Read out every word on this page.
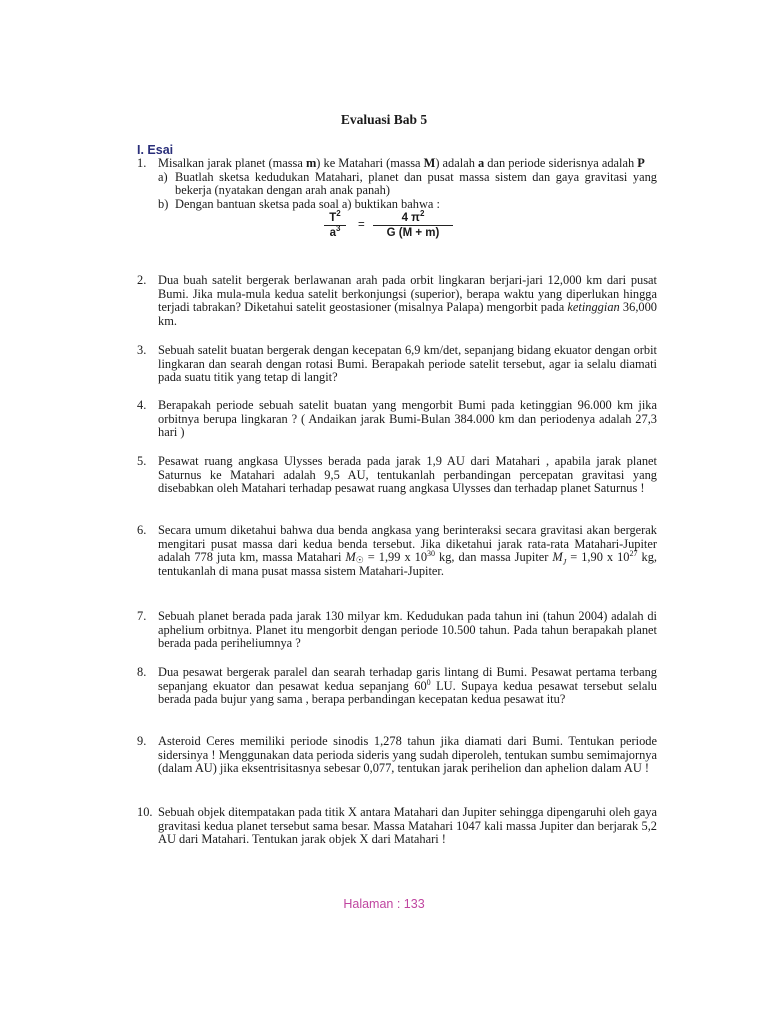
Evaluasi Bab 5
I. Esai
1. Misalkan jarak planet (massa m) ke Matahari (massa M) adalah a dan periode siderisnya adalah P

a) Buatlah sketsa kedudukan Matahari, planet dan pusat massa sistem dan gaya gravitasi yang bekerja (nyatakan dengan arah anak panah)
b) Dengan bantuan sketsa pada soal a) buktikan bahwa :
$\frac{T^2}{a^3} = \frac{4 \pi^2}{G (M + m)}$
2. Dua buah satelit bergerak berlawanan arah pada orbit lingkaran berjari-jari 12,000 km dari pusat Bumi. Jika mula-mula kedua satelit berkonjungsi (superior), berapa waktu yang diperlukan hingga terjadi tabrakan? Diketahui satelit geostasioner (misalnya Palapa) mengorbit pada ketinggian 36,000 km.

3. Sebuah satelit buatan bergerak dengan kecepatan 6,9 km/det, sepanjang bidang ekuator dengan orbit lingkaran dan searah dengan rotasi Bumi. Berapakah periode satelit tersebut, agar ia selalu diamati pada suatu titik yang tetap di langit?

4. Berapakah periode sebuah satelit buatan yang mengorbit Bumi pada ketinggian 96.000 km jika orbitnya berupa lingkaran ? ( Andaikan jarak Bumi-Bulan 384.000 km dan periodenya adalah 27,3 hari )

5. Pesawat ruang angkasa Ulysses berada pada jarak 1,9 AU dari Matahari , apabila jarak planet Saturnus ke Matahari adalah 9,5 AU, tentukanlah perbandingan percepatan gravitasi yang disebabkan oleh Matahari terhadap pesawat ruang angkasa Ulysses dan terhadap planet Saturnus !

6. Secara umum diketahui bahwa dua benda angkasa yang berinteraksi secara gravitasi akan bergerak mengitari pusat massa dari kedua benda tersebut. Jika diketahui jarak rata-rata Matahari-Jupiter adalah 778 juta km, massa Matahari $M_☉ = 1,99$ x $10^{30}$ kg, dan massa Jupiter $M_J = 1,90$ x $10^{27}$ kg, tentukanlah di mana pusat massa sistem Matahari-Jupiter.

7. Sebuah planet berada pada jarak 130 milyar km. Kedudukan pada tahun ini (tahun 2004) adalah di aphelium orbitnya. Planet itu mengorbit dengan periode 10.500 tahun. Pada tahun berapakah planet berada pada periheliumnya ?

8. Dua pesawat bergerak paralel dan searah terhadap garis lintang di Bumi. Pesawat pertama terbang sepanjang ekuator dan pesawat kedua sepanjang $60^0$ LU. Supaya kedua pesawat tersebut selalu berada pada bujur yang sama , berapa perbandingan kecepatan kedua pesawat itu?

9. Asteroid Ceres memiliki periode sinodis 1,278 tahun jika diamati dari Bumi. Tentukan periode sidersinya ! Menggunakan data perioda sideris yang sudah diperoleh, tentukan sumbu semimajornya (dalam AU) jika eksentrisitasnya sebesar 0,077, tentukan jarak perihelion dan aphelion dalam AU !

10. Sebuah objek ditempatakan pada titik X antara Matahari dan Jupiter sehingga dipengaruhi oleh gaya gravitasi kedua planet tersebut sama besar. Massa Matahari 1047 kali massa Jupiter dan berjarak 5,2 AU dari Matahari. Tentukan jarak objek X dari Matahari !

Halaman : 133
